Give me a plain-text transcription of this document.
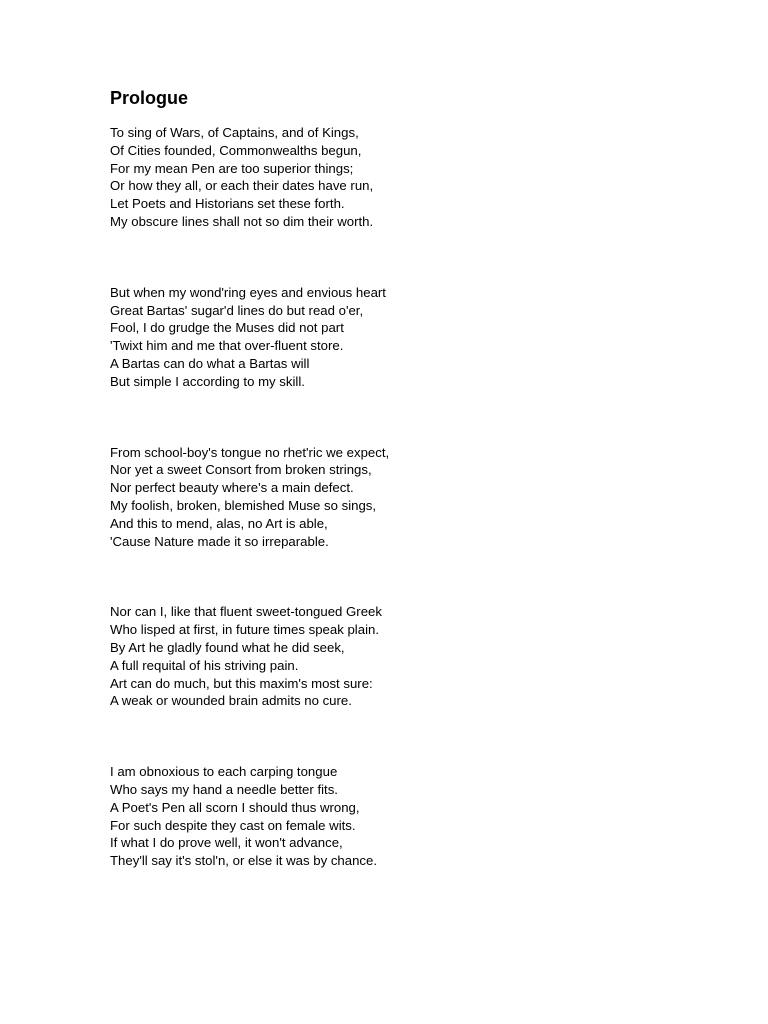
Prologue
To sing of Wars, of Captains, and of Kings,
Of Cities founded, Commonwealths begun,
For my mean Pen are too superior things;
Or how they all, or each their dates have run,
Let Poets and Historians set these forth.
My obscure lines shall not so dim their worth.
But when my wond'ring eyes and envious heart
Great Bartas' sugar'd lines do but read o'er,
Fool, I do grudge the Muses did not part
'Twixt him and me that over-fluent store.
A Bartas can do what a Bartas will
But simple I according to my skill.
From school-boy's tongue no rhet'ric we expect,
Nor yet a sweet Consort from broken strings,
Nor perfect beauty where's a main defect.
My foolish, broken, blemished Muse so sings,
And this to mend, alas, no Art is able,
'Cause Nature made it so irreparable.
Nor can I, like that fluent sweet-tongued Greek
Who lisped at first, in future times speak plain.
By Art he gladly found what he did seek,
A full requital of his striving pain.
Art can do much, but this maxim's most sure:
A weak or wounded brain admits no cure.
I am obnoxious to each carping tongue
Who says my hand a needle better fits.
A Poet's Pen all scorn I should thus wrong,
For such despite they cast on female wits.
If what I do prove well, it won't advance,
They'll say it's stol'n, or else it was by chance.
